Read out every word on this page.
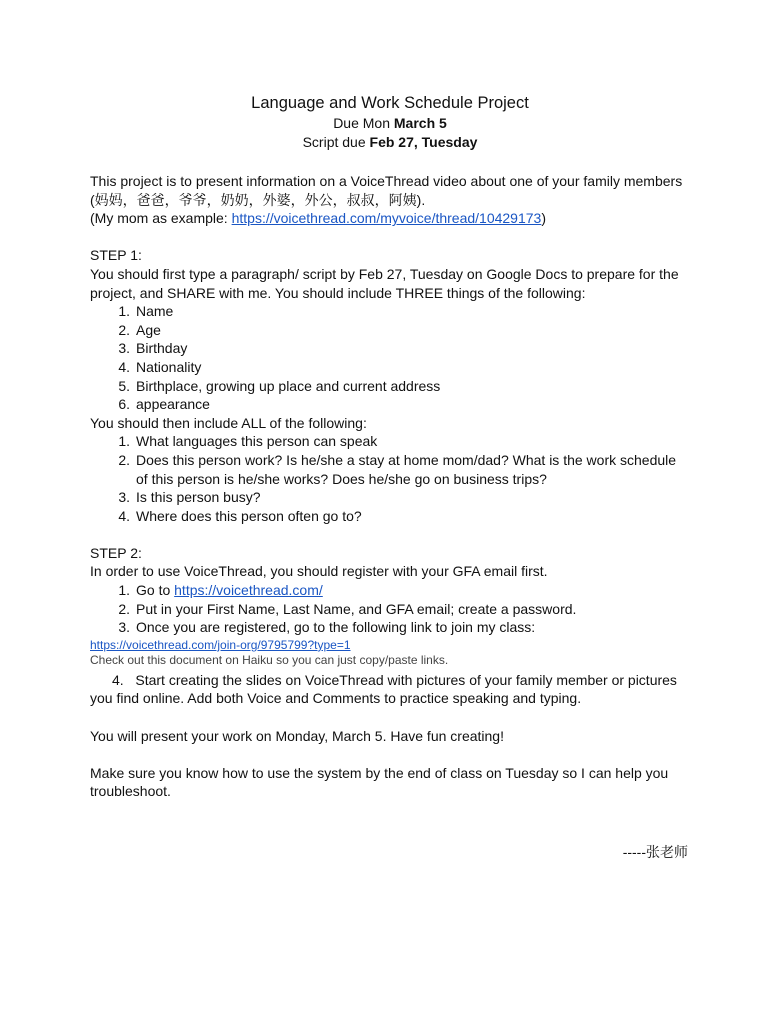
Language and Work Schedule Project

Due Mon March 5

Script due Feb 27, Tuesday

This project is to present information on a VoiceThread video about one of your family members

(妈妈，爸爸，爷爷，奶奶，外婆，外公，叔叔，阿姨).

(My mom as example: https://voicethread.com/myvoice/thread/10429173)

STEP 1:

You should first type a paragraph/ script by Feb 27, Tuesday on Google Docs to prepare for the project, and SHARE with me. You should include THREE things of the following:

1. Name
2. Age
3. Birthday
4. Nationality
5. Birthplace, growing up place and current address
6. appearance

You should then include ALL of the following:

1. What languages this person can speak
2. Does this person work? Is he/she a stay at home mom/dad? What is the work schedule of this person is he/she works? Does he/she go on business trips?
3. Is this person busy?
4. Where does this person often go to?

STEP 2:

In order to use VoiceThread, you should register with your GFA email first.

1. Go to https://voicethread.com/
2. Put in your First Name, Last Name, and GFA email; create a password.
3. Once you are registered, go to the following link to join my class:

https://voicethread.com/join-org/9795799?type=1

Check out this document on Haiku so you can just copy/paste links.

4. Start creating the slides on VoiceThread with pictures of your family member or pictures you find online. Add both Voice and Comments to practice speaking and typing.

You will present your work on Monday, March 5. Have fun creating!

Make sure you know how to use the system by the end of class on Tuesday so I can help you troubleshoot.

-----张老师
